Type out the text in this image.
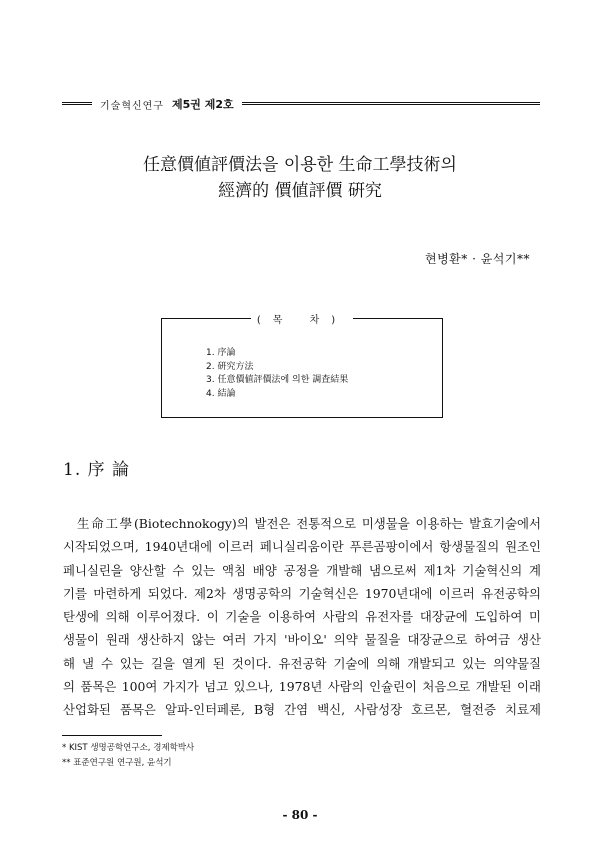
기술혁신연구 제5권 제2호
任意價値評價法을 이용한 生命工學技術의
經濟的 價値評價 硏究
현병환* · 윤석기**
(목 차)
1. 序論
2. 硏究方法
3. 任意價値評價法에 의한 調査結果
4. 結論
1. 序 論
生命工學(Biotechnokogy)의 발전은 전통적으로 미생물을 이용하는 발효기술에서
시작되었으며, 1940년대에 이르러 페니실리움이란 푸른곰팡이에서 항생물질의 원조인
페니실린을 양산할 수 있는 액침 배양 공정을 개발해 냄으로써 제1차 기술혁신의 계
기를 마련하게 되었다. 제2차 생명공학의 기술혁신은 1970년대에 이르러 유전공학의
탄생에 의해 이루어졌다. 이 기술을 이용하여 사람의 유전자를 대장균에 도입하여 미
생물이 원래 생산하지 않는 여러 가지 '바이오' 의약 물질을 대장균으로 하여금 생산
해 낼 수 있는 길을 열게 된 것이다. 유전공학 기술에 의해 개발되고 있는 의약물질
의 품목은 100여 가지가 넘고 있으나, 1978년 사람의 인슐린이 처음으로 개발된 이래
산업화된 품목은 알파-인터페론, B형 간염 백신, 사람성장 호르몬, 혈전증 치료제
* KIST 생명공학연구소, 경제학박사
** 표준연구원 연구원, 윤석기
- 80 -
